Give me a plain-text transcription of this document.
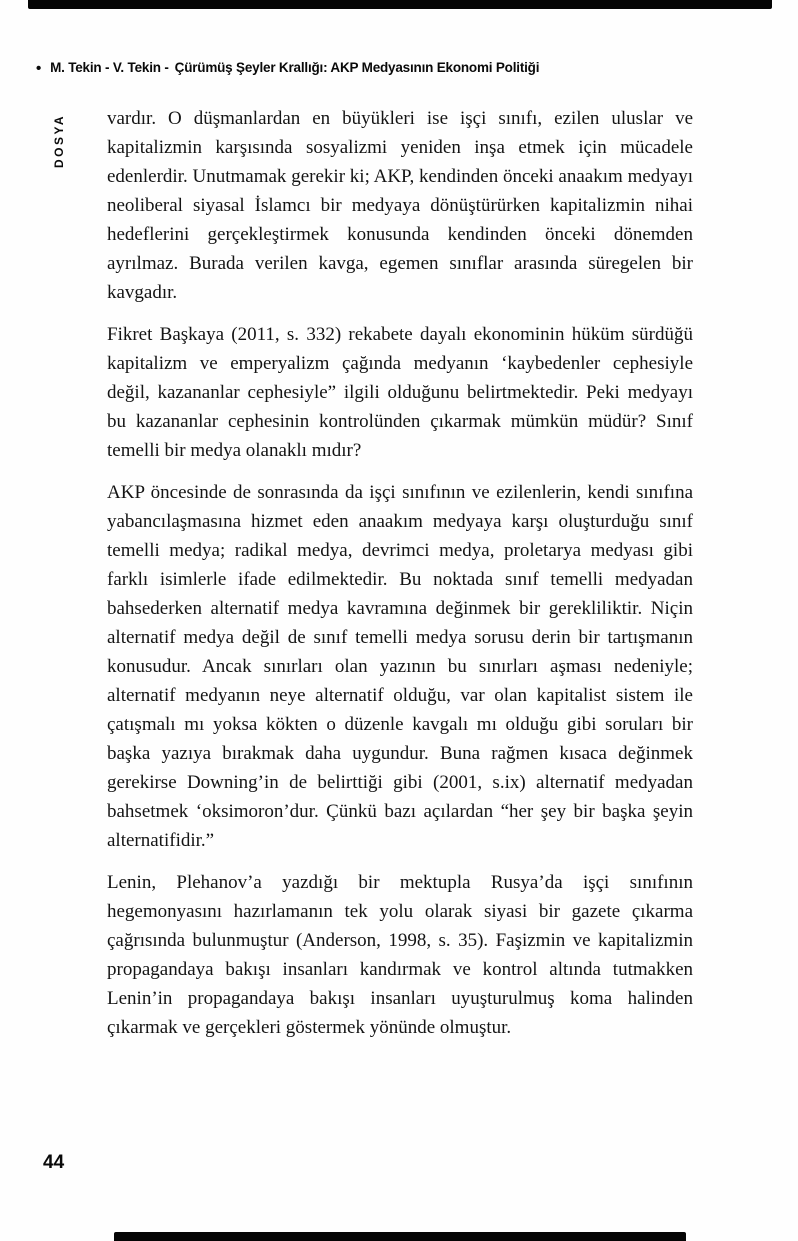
• M. Tekin - V. Tekin - Çürümüş Şeyler Krallığı: AKP Medyasının Ekonomi Politiği
DOSYA vardır. O düşmanlardan en büyükleri ise işçi sınıfı, ezilen uluslar ve kapitalizmin karşısında sosyalizmi yeniden inşa etmek için mücadele edenlerdir. Unutmamak gerekir ki; AKP, kendinden önceki anaakım medyayı neoliberal siyasal İslamcı bir medyaya dönüştürürken kapitalizmin nihai hedeflerini gerçekleştirmek konusunda kendinden önceki dönemden ayrılmaz. Burada verilen kavga, egemen sınıflar arasında süregelen bir kavgadır.

Fikret Başkaya (2011, s. 332) rekabete dayalı ekonominin hüküm sürdüğü kapitalizm ve emperyalizm çağında medyanın ‘kaybedenler cephesiyle değil, kazananlar cephesiyle” ilgili olduğunu belirtmektedir. Peki medyayı bu kazananlar cephesinin kontrolünden çıkarmak mümkün müdür? Sınıf temelli bir medya olanaklı mıdır?

AKP öncesinde de sonrasında da işçi sınıfının ve ezilenlerin, kendi sınıfına yabancılaşmasına hizmet eden anaakım medyaya karşı oluşturduğu sınıf temelli medya; radikal medya, devrimci medya, proletarya medyası gibi farklı isimlerle ifade edilmektedir. Bu noktada sınıf temelli medyadan bahsederken alternatif medya kavramına değinmek bir gerekliliktir. Niçin alternatif medya değil de sınıf temelli medya sorusu derin bir tartışmanın konusudur. Ancak sınırları olan yazının bu sınırları aşması nedeniyle; alternatif medyanın neye alternatif olduğu, var olan kapitalist sistem ile çatışmalı mı yoksa kökten o düzenle kavgalı mı olduğu gibi soruları bir başka yazıya bırakmak daha uygundur. Buna rağmen kısaca değinmek gerekirse Downing’in de belirttiği gibi (2001, s.ix) alternatif medyadan bahsetmek ‘oksimoron’dur. Çünkü bazı açılardan “her şey bir başka şeyin alternatifidir.”

Lenin, Plehanov’a yazdığı bir mektupla Rusya’da işçi sınıfının hegemonyasını hazırlamanın tek yolu olarak siyasi bir gazete çıkarma çağrısında bulunmuştur (Anderson, 1998, s. 35). Faşizmin ve kapitalizmin propagandaya bakışı insanları kandırmak ve kontrol altında tutmakken Lenin’in propagandaya bakışı insanları uyuşturulmuş koma halinden çıkarmak ve gerçekleri göstermek yönünde olmuştur.

44
